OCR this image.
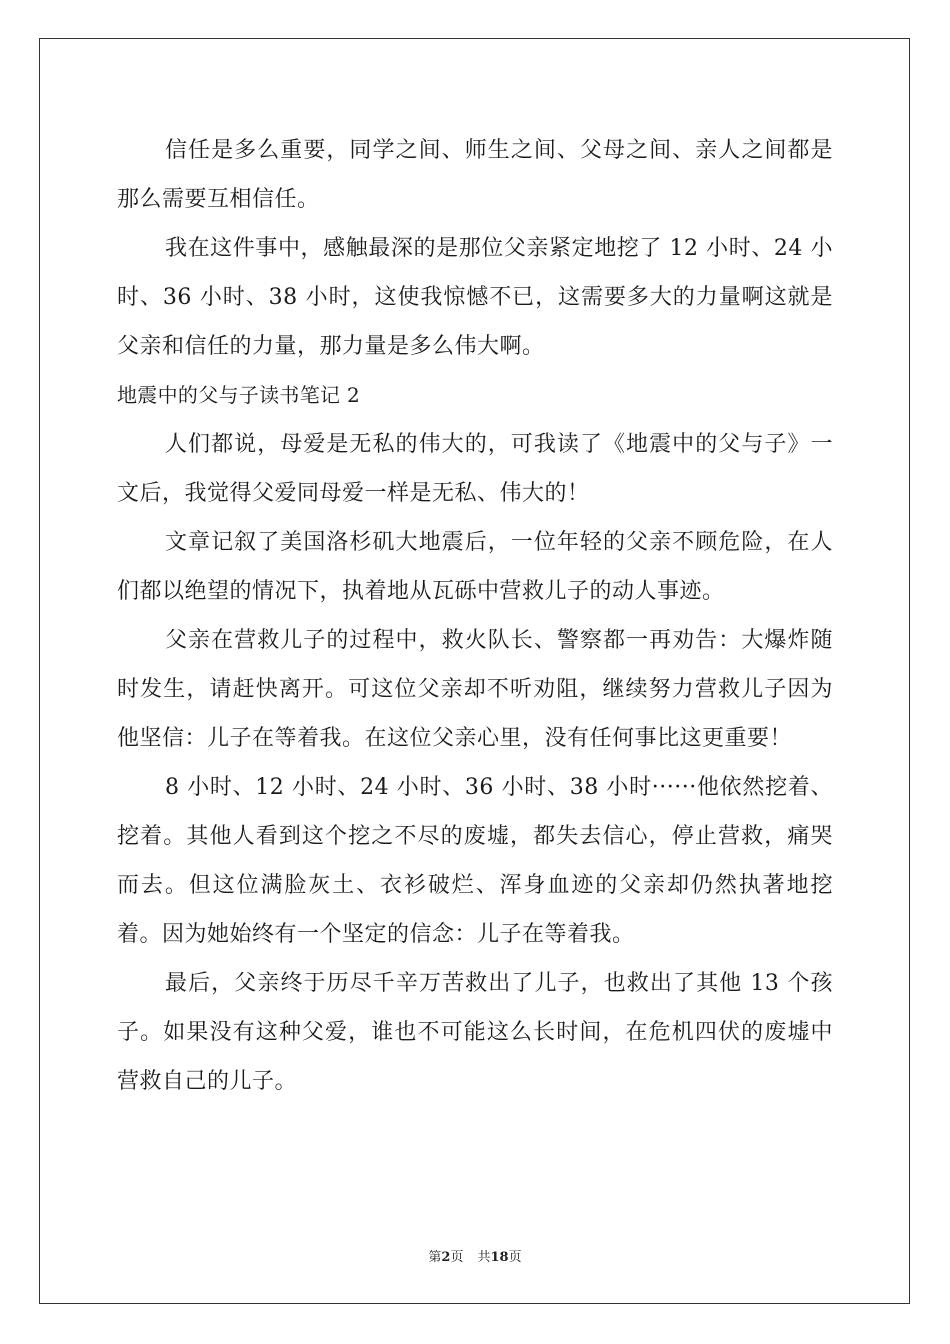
信任是多么重要，同学之间、师生之间、父母之间、亲人之间都是那么需要互相信任。

我在这件事中，感触最深的是那位父亲紧定地挖了 12 小时、24 小时、36 小时、38 小时，这使我惊憾不已，这需要多大的力量啊这就是父亲和信任的力量，那力量是多么伟大啊。

地震中的父与子读书笔记 2

人们都说，母爱是无私的伟大的，可我读了《地震中的父与子》一文后，我觉得父爱同母爱一样是无私、伟大的！

文章记叙了美国洛杉矶大地震后，一位年轻的父亲不顾危险，在人们都以绝望的情况下，执着地从瓦砾中营救儿子的动人事迹。

父亲在营救儿子的过程中，救火队长、警察都一再劝告：大爆炸随时发生，请赶快离开。可这位父亲却不听劝阻，继续努力营救儿子因为他坚信：儿子在等着我。在这位父亲心里，没有任何事比这更重要！

8 小时、12 小时、24 小时、36 小时、38 小时······他依然挖着、挖着。其他人看到这个挖之不尽的废墟，都失去信心，停止营救，痛哭而去。但这位满脸灰土、衣衫破烂、浑身血迹的父亲却仍然执著地挖着。因为她始终有一个坚定的信念：儿子在等着我。

最后，父亲终于历尽千辛万苦救出了儿子，也救出了其他 13 个孩子。如果没有这种父爱，谁也不可能这么长时间，在危机四伏的废墟中营救自己的儿子。

第2页 共18页
